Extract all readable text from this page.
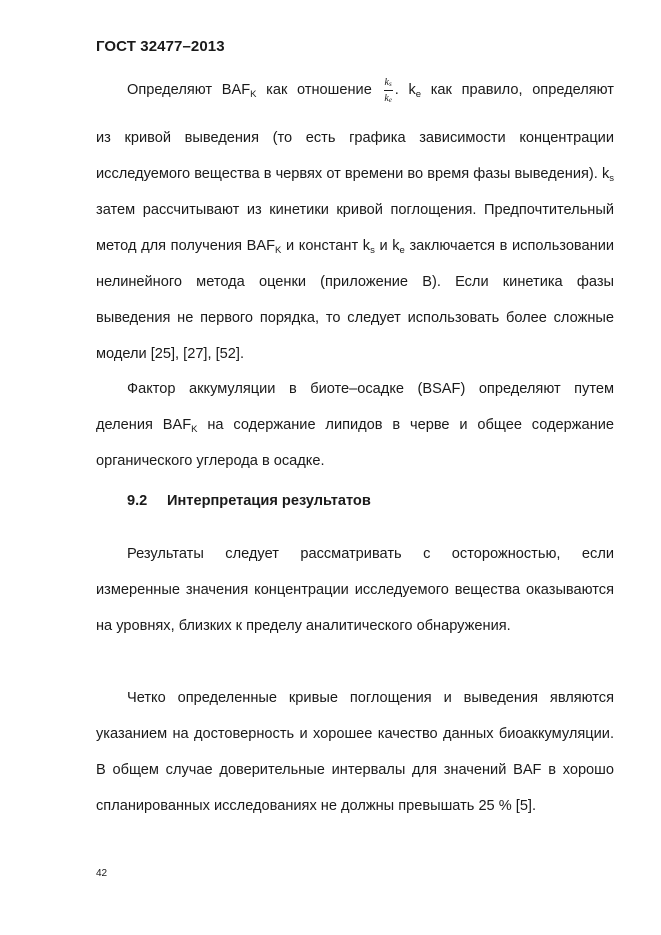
ГОСТ 32477–2013
Определяют $BAF_K$ как отношение $\frac{k_s}{k_e}$ . $k_e$ как правило, определяют

из кривой выведения (то есть графика зависимости концентрации исследуемого вещества в червях от времени во время фазы выведения). $k_s$ затем рассчитывают из кинетики кривой поглощения. Предпочтительный метод для получения $BAF_K$ и констант $k_s$ и $k_e$ заключается в использовании нелинейного метода оценки (приложение В). Если кинетика фазы выведения не первого порядка, то следует использовать более сложные модели [25], [27], [52].

Фактор аккумуляции в биоте–осадке (BSAF) определяют путем деления $BAF_K$ на содержание липидов в черве и общее содержание органического углерода в осадке.

9.2 Интерпретация результатов

Результаты следует рассматривать с осторожностью, если измеренные значения концентрации исследуемого вещества оказываются на уровнях, близких к пределу аналитического обнаружения.

Четко определенные кривые поглощения и выведения являются указанием на достоверность и хорошее качество данных биоаккумуляции. В общем случае доверительные интервалы для значений BAF в хорошо спланированных исследованиях не должны превышать 25 % [5].

42
